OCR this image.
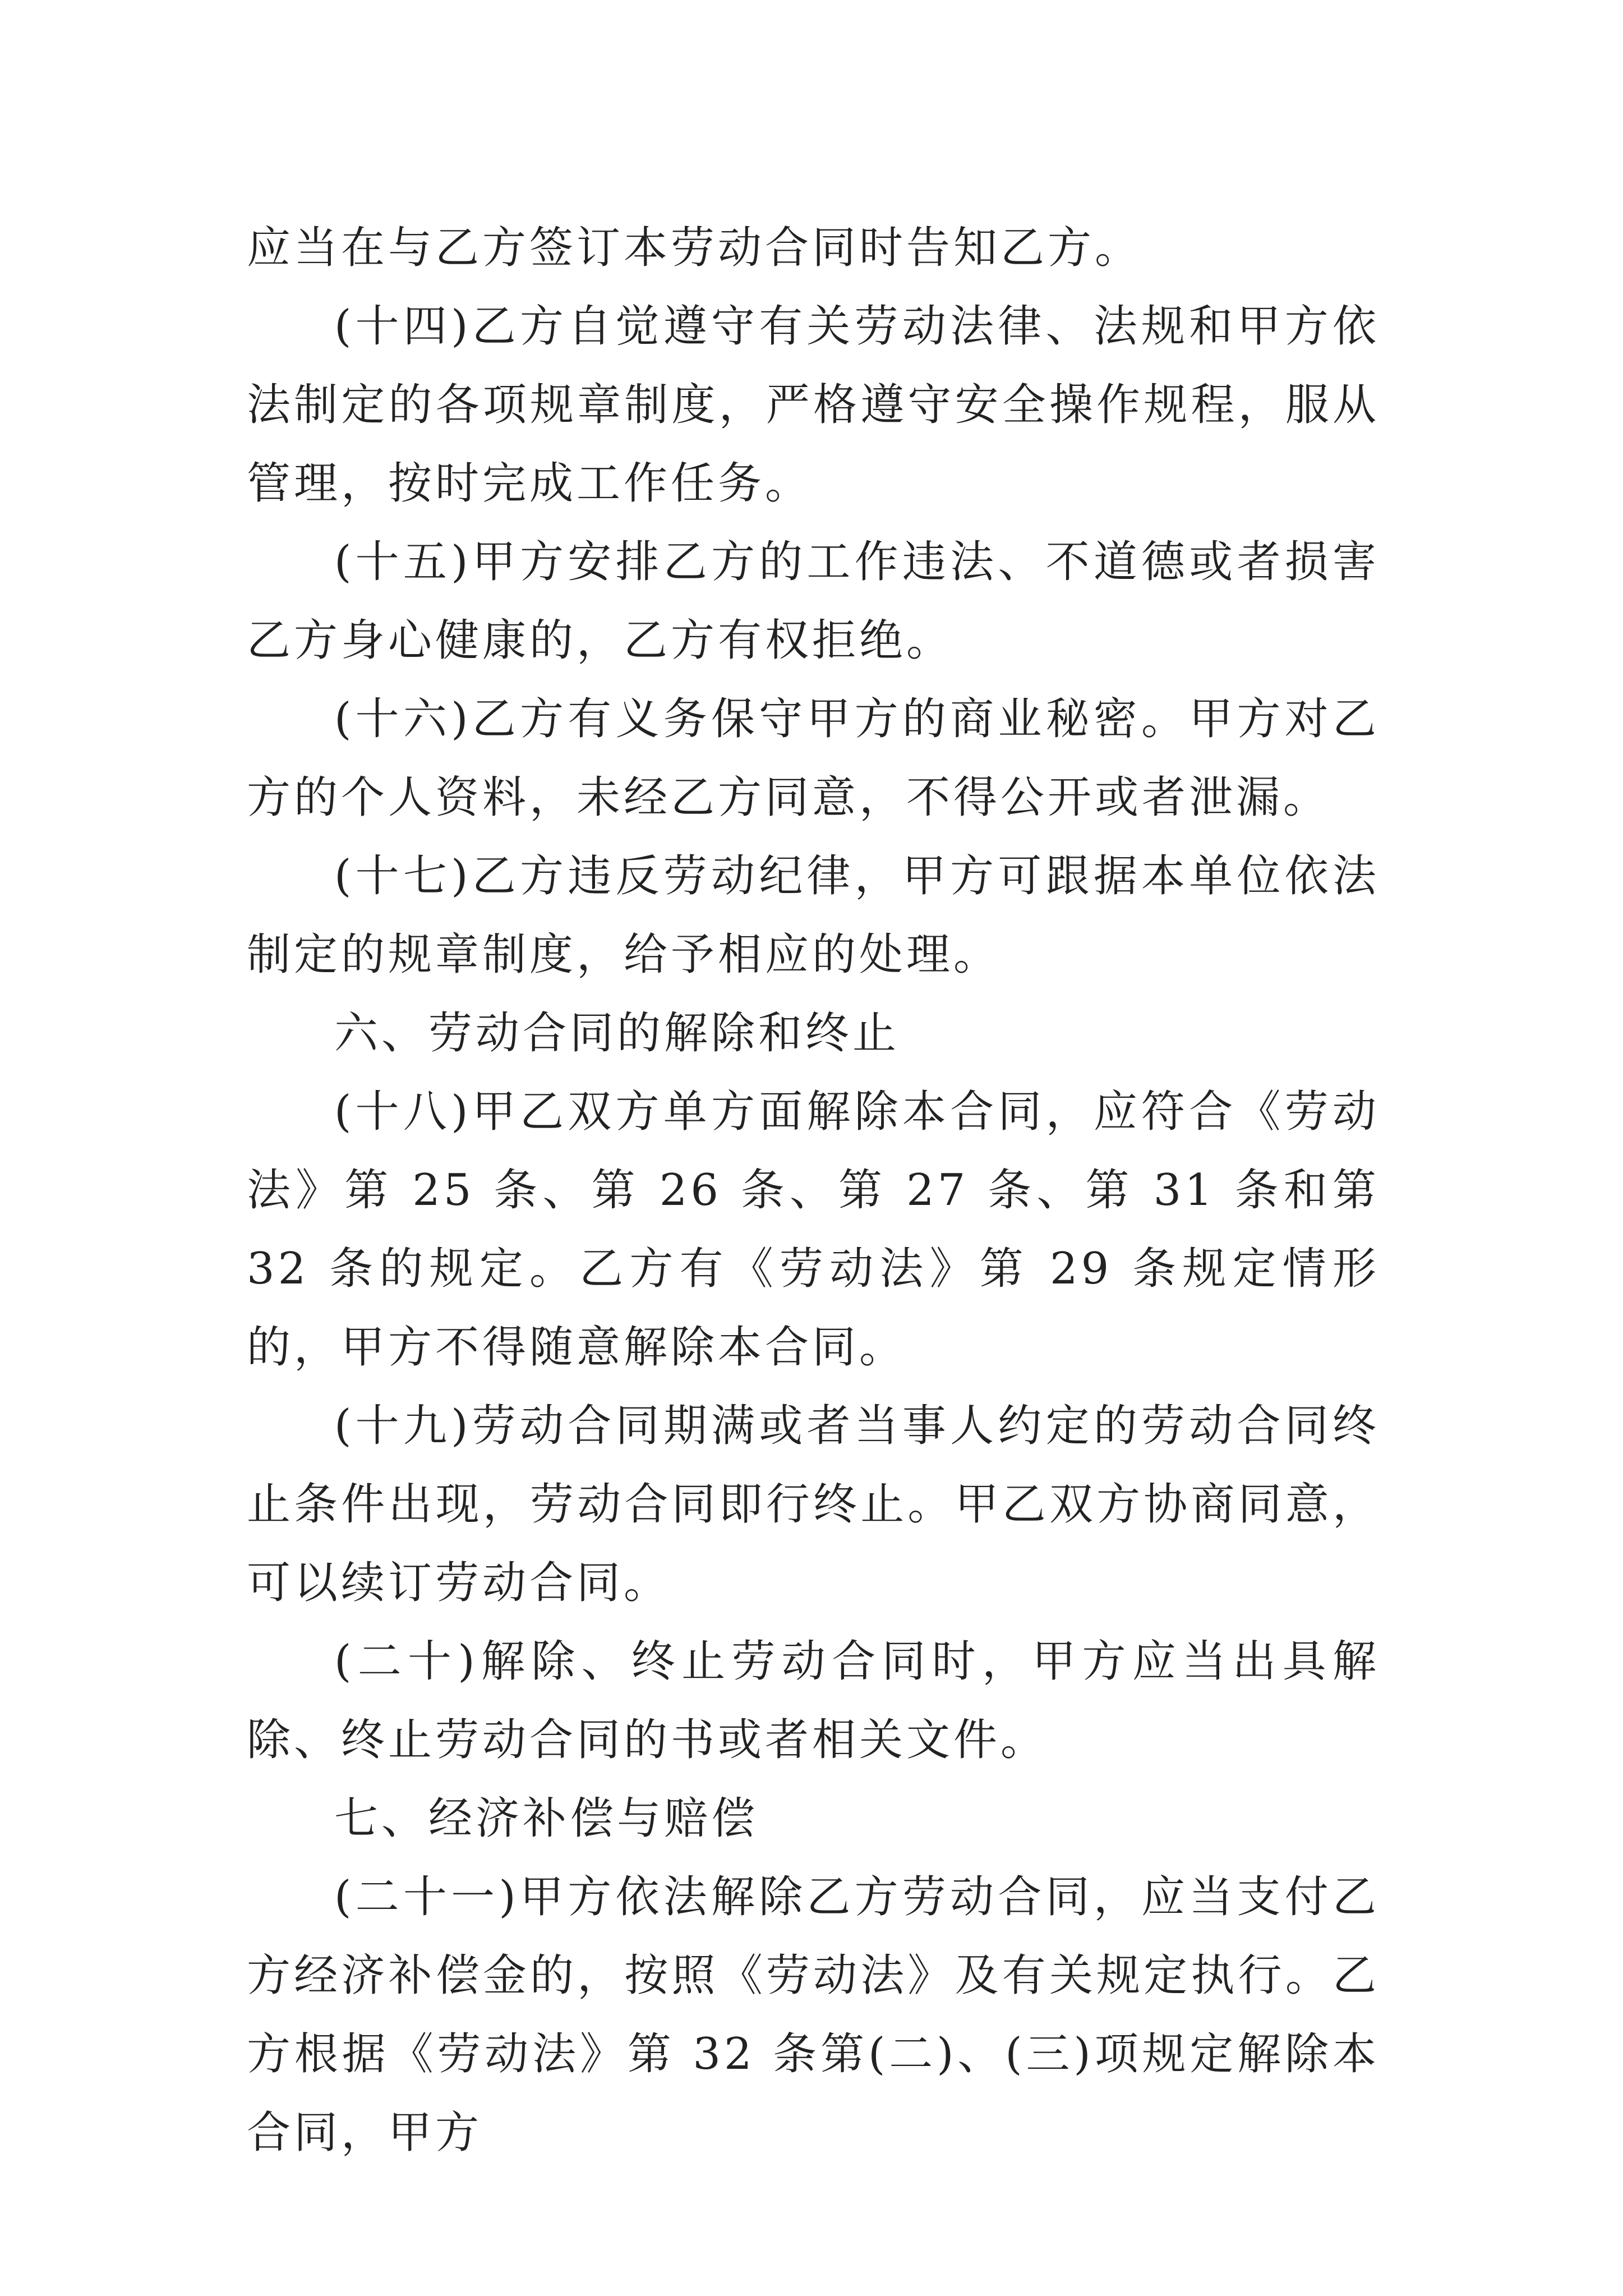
应当在与乙方签订本劳动合同时告知乙方。

(十四)乙方自觉遵守有关劳动法律、法规和甲方依法制定的各项规章制度，严格遵守安全操作规程，服从管理，按时完成工作任务。

(十五)甲方安排乙方的工作违法、不道德或者损害乙方身心健康的，乙方有权拒绝。

(十六)乙方有义务保守甲方的商业秘密。甲方对乙方的个人资料，未经乙方同意，不得公开或者泄漏。

(十七)乙方违反劳动纪律，甲方可跟据本单位依法制定的规章制度，给予相应的处理。

六、劳动合同的解除和终止

(十八)甲乙双方单方面解除本合同，应符合《劳动法》第 25 条、第 26 条、第 27 条、第 31 条和第 32 条的规定。乙方有《劳动法》第 29 条规定情形的，甲方不得随意解除本合同。

(十九)劳动合同期满或者当事人约定的劳动合同终止条件出现，劳动合同即行终止。甲乙双方协商同意，可以续订劳动合同。

(二十)解除、终止劳动合同时，甲方应当出具解除、终止劳动合同的书或者相关文件。

七、经济补偿与赔偿

(二十一)甲方依法解除乙方劳动合同，应当支付乙方经济补偿金的，按照《劳动法》及有关规定执行。乙方根据《劳动法》第 32 条第(二)、(三)项规定解除本合同，甲方
